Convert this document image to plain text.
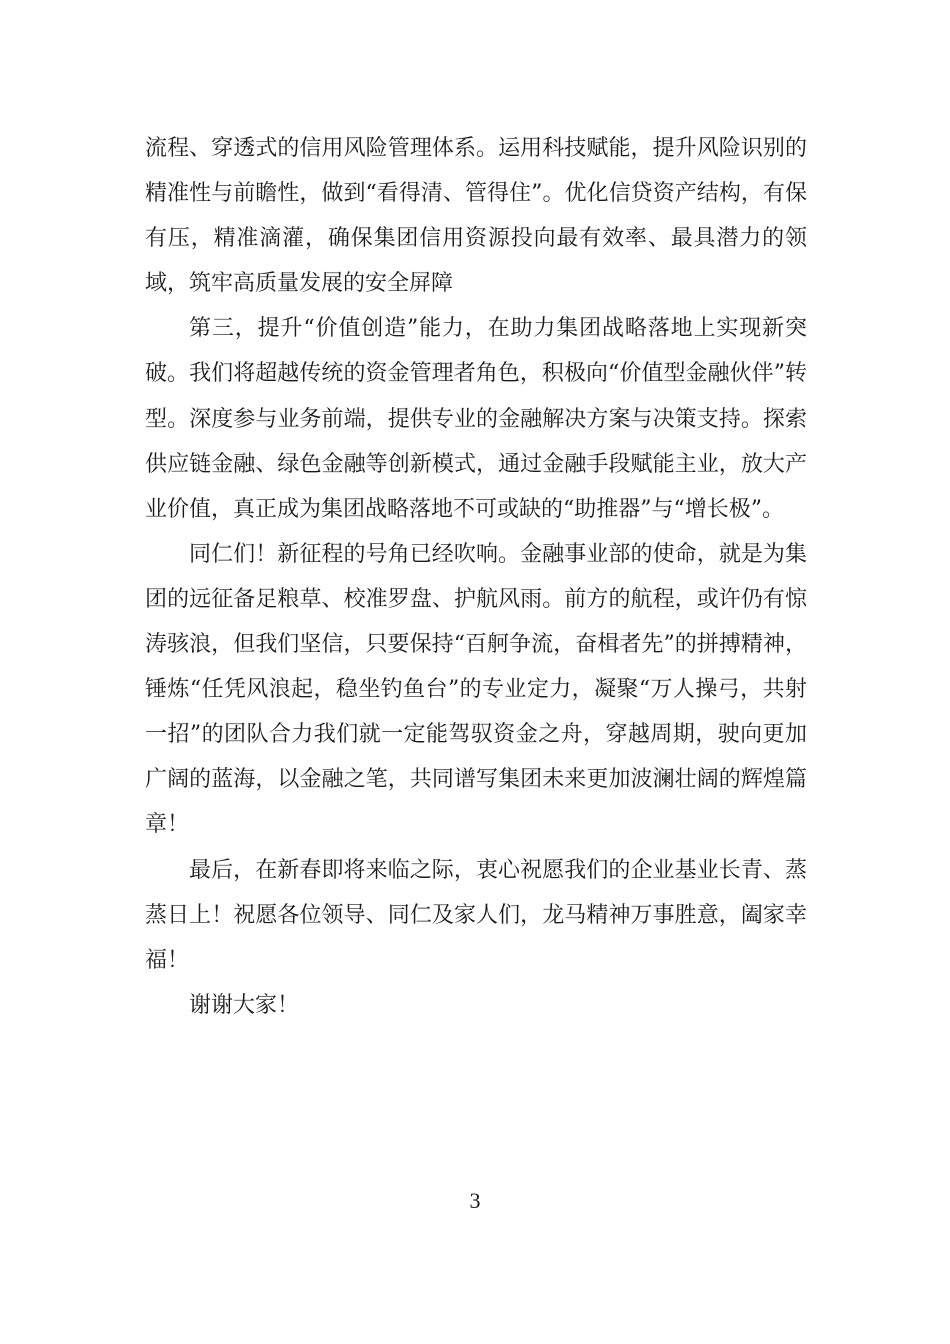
流程、穿透式的信用风险管理体系。运用科技赋能，提升风险识别的精准性与前瞻性，做到“看得清、管得住”。优化信贷资产结构，有保有压，精准滴灌，确保集团信用资源投向最有效率、最具潜力的领域，筑牢高质量发展的安全屏障

第三，提升“价值创造”能力，在助力集团战略落地上实现新突破。我们将超越传统的资金管理者角色，积极向“价值型金融伙伴”转型。深度参与业务前端，提供专业的金融解决方案与决策支持。探索供应链金融、绿色金融等创新模式，通过金融手段赋能主业，放大产业价值，真正成为集团战略落地不可或缺的“助推器”与“增长极”。

同仁们！新征程的号角已经吹响。金融事业部的使命，就是为集团的远征备足粮草、校准罗盘、护航风雨。前方的航程，或许仍有惊涛骇浪，但我们坚信，只要保持“百舸争流，奋楫者先”的拼搏精神，锤炼“任凭风浪起，稳坐钓鱼台”的专业定力，凝聚“万人操弓，共射一招”的团队合力我们就一定能驾驭资金之舟，穿越周期，驶向更加广阔的蓝海，以金融之笔，共同谱写集团未来更加波澜壮阔的辉煌篇章！

最后，在新春即将来临之际，衷心祝愿我们的企业基业长青、蒸蒸日上！祝愿各位领导、同仁及家人们，龙马精神万事胜意，阖家幸福！

谢谢大家！

3
